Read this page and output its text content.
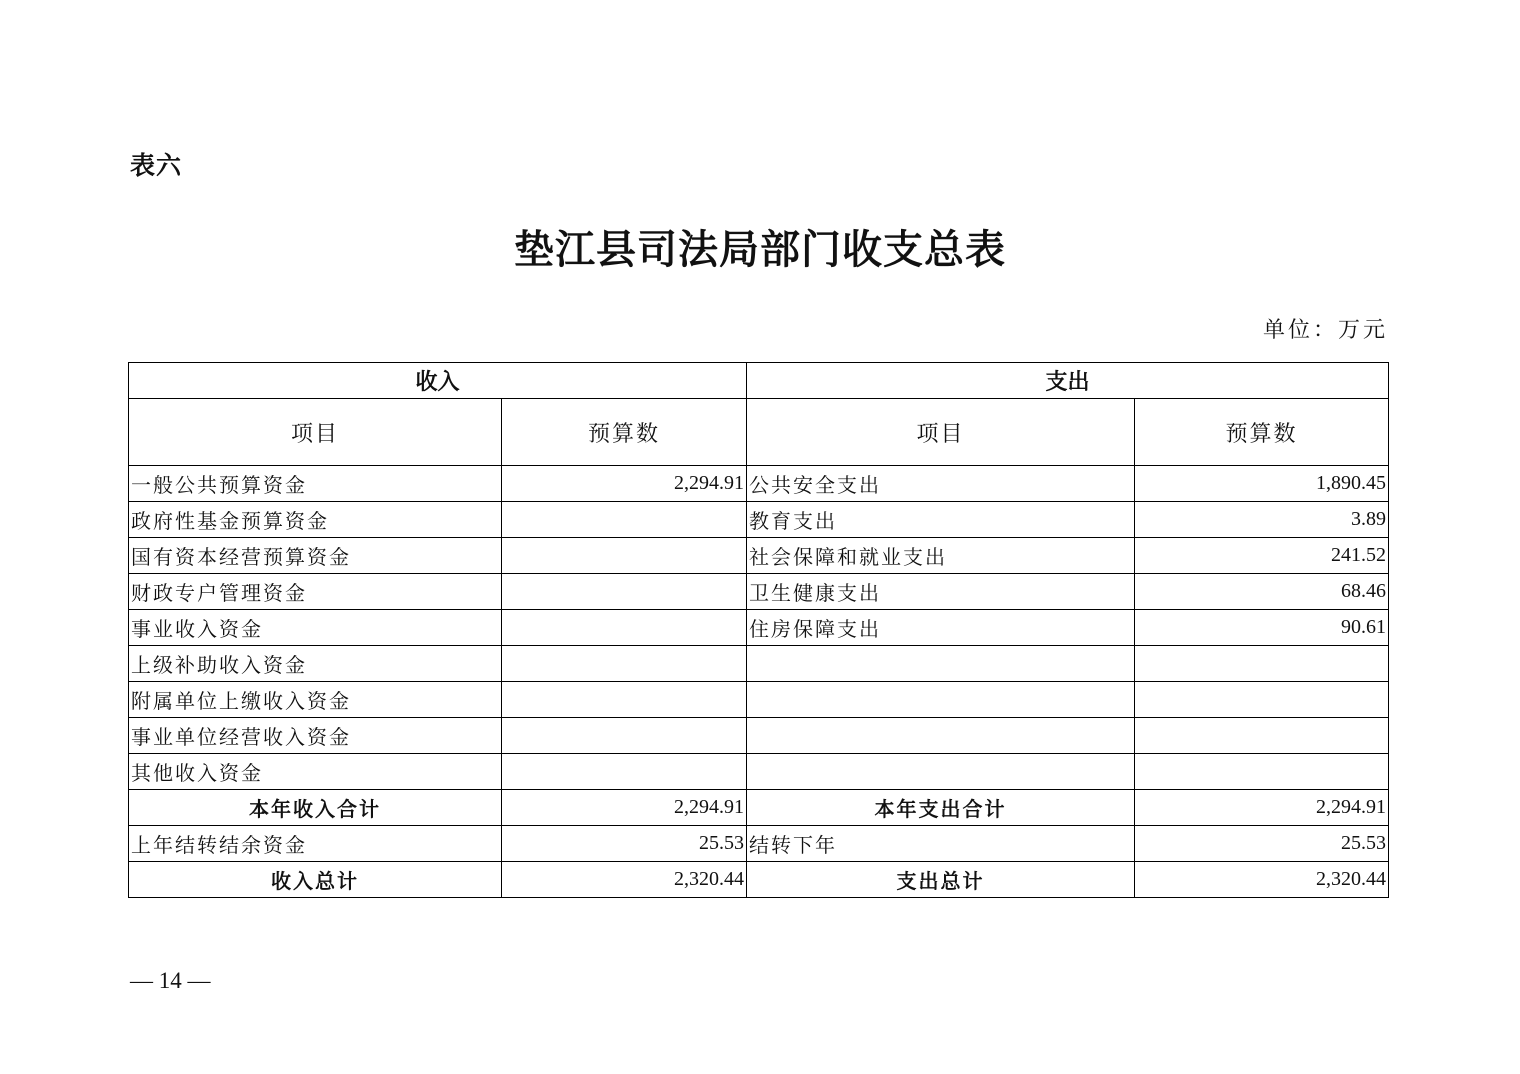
表六
垫江县司法局部门收支总表
单位：万元
收入		支出	
项目	预算数	项目	预算数
一般公共预算资金	2,294.91	公共安全支出	1,890.45
政府性基金预算资金		教育支出	3.89
国有资本经营预算资金		社会保障和就业支出	241.52
财政专户管理资金		卫生健康支出	68.46
事业收入资金		住房保障支出	90.61
上级补助收入资金			
附属单位上缴收入资金			
事业单位经营收入资金			
其他收入资金			
本年收入合计	2,294.91	本年支出合计	2,294.91
上年结转结余资金	25.53	结转下年	25.53
收入总计	2,320.44	支出总计	2,320.44
— 14 —
